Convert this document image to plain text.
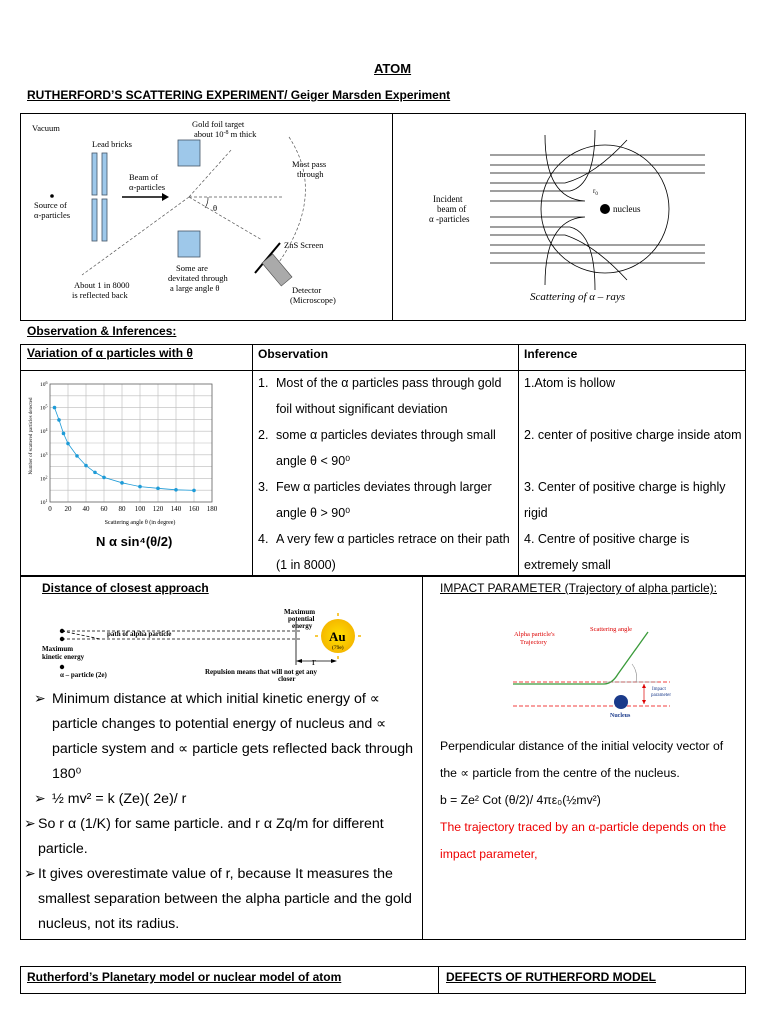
ATOM
RUTHERFORD’S SCATTERING EXPERIMENT/ Geiger Marsden Experiment
Vacuum
Lead bricks
Gold foil target
about $10^{-8}$ m thick
Source of
α-particles
Beam of
α-particles
θ
Most pass
through
ZnS Screen
Some are
devitated through
a large angle θ
About 1 in 8000
is reflected back	Detector
(Microscope)
Incident
beam of
α -particles
nucleus
$r_0$
Scattering of α – rays
Observation & Inferences:
Variation of α particles with θ	Observation	Inference
0 20 40 60 80 100 120 140 160 180
$10^1$
$10^2$
$10^3$
$10^4$
$10^5$
$10^6$
Scattering angle θ (in degree)
Number of scattered particles detected
N α sin⁴(θ/2)
1. Most of the α particles pass through gold foil without significant deviation
2. some α particles deviates through small angle θ < 90⁰
3. Few α particles deviates through larger angle θ > 90⁰
4. A very few α particles retrace on their path (1 in 8000)
1.Atom is hollow
2. center of positive charge inside atom
3. Center of positive charge is highly rigid
4. Centre of positive charge is extremely small
Distance of closest approach
path of alpha particle
Maximum
kinetic energy
Maximum
potential
energy
α – particle (2e)	Repulsion means that will not get any
closer
Au
(79e)
r
➢ Minimum distance at which initial kinetic energy of ∝ particle changes to potential energy of nucleus and ∝ particle system and ∝ particle gets reflected back through 180⁰
➢ ½ mv² = k (Ze)( 2e)/ r
➢ So r α (1/K) for same particle. and r α Zq/m for different particle.
➢ It gives overestimate value of r, because It measures the smallest separation between the alpha particle and the gold nucleus, not its radius.
IMPACT PARAMETER (Trajectory of alpha particle):
Alpha particle's
Trajectory
Scattering angle
Impact
parameter
Nucleus
Perpendicular distance of the initial velocity vector of the ∝ particle from the centre of the nucleus.
b = Ze² Cot (θ/2)/ 4πε₀(½mv²)
The trajectory traced by an α-particle depends on the impact parameter,
Rutherford’s Planetary model or nuclear model of atom	DEFECTS OF RUTHERFORD MODEL
